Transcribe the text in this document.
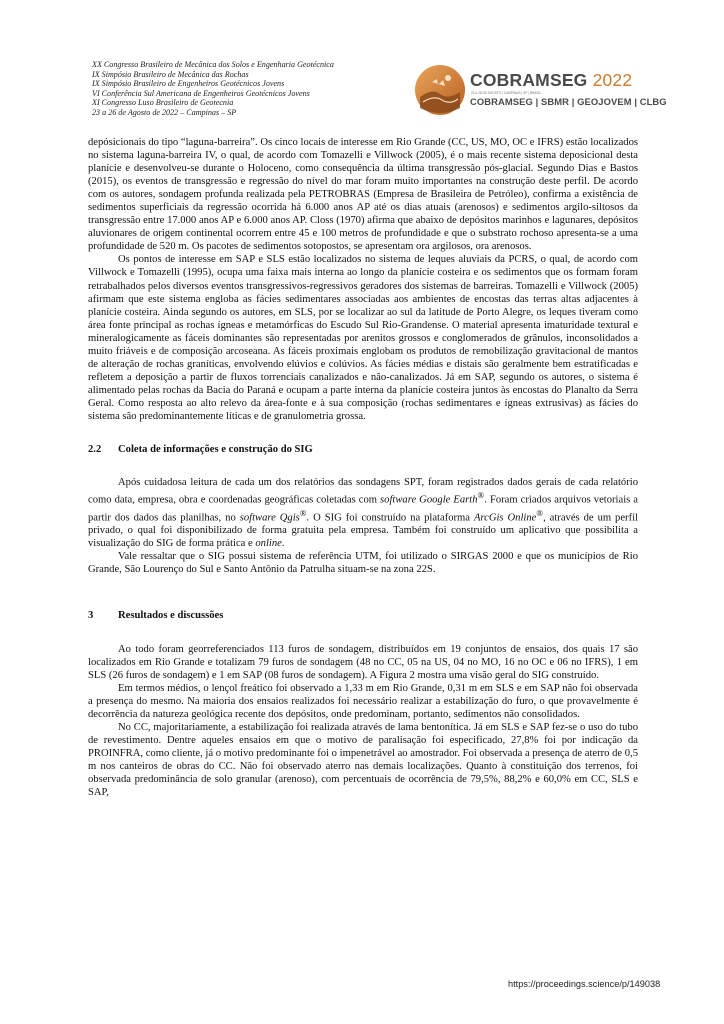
XX Congresso Brasileiro de Mecânica dos Solos e Engenharia Geotécnica
IX Simpósio Brasileiro de Mecânica das Rochas
IX Simpósio Brasileiro de Engenheiros Geotécnicos Jovens
VI Conferência Sul Americana de Engenheiros Geotécnicos Jovens
XI Congresso Luso Brasileiro de Geotecnia
23 a 26 de Agosto de 2022 – Campinas – SP
COBRAMSEG 2022
23 a 26 DE AGOSTO | CAMPINAS | SP | BRASIL
COBRAMSEG | SBMR | GEOJOVEM | CLBG

depósicionais do tipo “laguna-barreira”. Os cinco locais de interesse em Rio Grande (CC, US, MO, OC e IFRS) estão localizados no sistema laguna-barreira IV, o qual, de acordo com Tomazelli e Villwock (2005), é o mais recente sistema deposicional desta planície e desenvolveu-se durante o Holoceno, como consequência da última transgressão pós-glacial. Segundo Dias e Bastos (2015), os eventos de transgressão e regressão do nível do mar foram muito importantes na construção deste perfil. De acordo com os autores, sondagem profunda realizada pela PETROBRAS (Empresa de Brasileira de Petróleo), confirma a existência de sedimentos superficiais da regressão ocorrida há 6.000 anos AP até os dias atuais (arenosos) e sedimentos argilo-siltosos da transgressão entre 17.000 anos AP e 6.000 anos AP. Closs (1970) afirma que abaixo de depósitos marinhos e lagunares, depósitos aluvionares de origem continental ocorrem entre 45 e 100 metros de profundidade e que o substrato rochoso apresenta-se a uma profundidade de 520 m. Os pacotes de sedimentos sotopostos, se apresentam ora argilosos, ora arenosos.

Os pontos de interesse em SAP e SLS estão localizados no sistema de leques aluviais da PCRS, o qual, de acordo com Villwock e Tomazelli (1995), ocupa uma faixa mais interna ao longo da planície costeira e os sedimentos que os formam foram retrabalhados pelos diversos eventos transgressivos-regressivos geradores dos sistemas de barreiras. Tomazelli e Villwock (2005) afirmam que este sistema engloba as fácies sedimentares associadas aos ambientes de encostas das terras altas adjacentes à planície costeira. Ainda segundo os autores, em SLS, por se localizar ao sul da latitude de Porto Alegre, os leques tiveram como área fonte principal as rochas ígneas e metamórficas do Escudo Sul Rio-Grandense. O material apresenta imaturidade textural e mineralogicamente as fáceis dominantes são representadas por arenitos grossos e conglomerados de grânulos, inconsolidados a muito friáveis e de composição arcoseana. As fáceis proximais englobam os produtos de remobilização gravitacional de mantos de alteração de rochas graníticas, envolvendo elúvios e colúvios. As fácies médias e distais são geralmente bem estratificadas e refletem a deposição a partir de fluxos torrenciais canalizados e não-canalizados. Já em SAP, segundo os autores, o sistema é alimentado pelas rochas da Bacia do Paraná e ocupam a parte interna da planície costeira juntos às encostas do Planalto da Serra Geral. Como resposta ao alto relevo da área-fonte e à sua composição (rochas sedimentares e ígneas extrusivas) as fácies do sistema são predominantemente líticas e de granulometria grossa.

2.2	Coleta de informações e construção do SIG

Após cuidadosa leitura de cada um dos relatórios das sondagens SPT, foram registrados dados gerais de cada relatório como data, empresa, obra e coordenadas geográficas coletadas com software Google Earth®. Foram criados arquivos vetoriais a partir dos dados das planilhas, no software Qgis®. O SIG foi construído na plataforma ArcGis Online®, através de um perfil privado, o qual foi disponibilizado de forma gratuita pela empresa. Também foi construído um aplicativo que possibilita a visualização do SIG de forma prática e online.

Vale ressaltar que o SIG possui sistema de referência UTM, foi utilizado o SIRGAS 2000 e que os municípios de Rio Grande, São Lourenço do Sul e Santo Antônio da Patrulha situam-se na zona 22S.

3	Resultados e discussões

Ao todo foram georreferenciados 113 furos de sondagem, distribuídos em 19 conjuntos de ensaios, dos quais 17 são localizados em Rio Grande e totalizam 79 furos de sondagem (48 no CC, 05 na US, 04 no MO, 16 no OC e 06 no IFRS), 1 em SLS (26 furos de sondagem) e 1 em SAP (08 furos de sondagem). A Figura 2 mostra uma visão geral do SIG construído.

Em termos médios, o lençol freático foi observado a 1,33 m em Rio Grande, 0,31 m em SLS e em SAP não foi observada a presença do mesmo. Na maioria dos ensaios realizados foi necessário realizar a estabilização do furo, o que provavelmente é decorrência da natureza geológica recente dos depósitos, onde predominam, portanto, sedimentos não consolidados.

No CC, majoritariamente, a estabilização foi realizada através de lama bentonítica. Já em SLS e SAP fez-se o uso do tubo de revestimento. Dentre aqueles ensaios em que o motivo de paralisação foi especificado, 27,8% foi por indicação da PROINFRA, como cliente, já o motivo predominante foi o impenetrável ao amostrador. Foi observada a presença de aterro de 0,5 m nos canteiros de obras do CC. Não foi observado aterro nas demais localizações. Quanto à constituição dos terrenos, foi observada predominância de solo granular (arenoso), com percentuais de ocorrência de 79,5%, 88,2% e 60,0% em CC, SLS e SAP,

https://proceedings.science/p/149038
